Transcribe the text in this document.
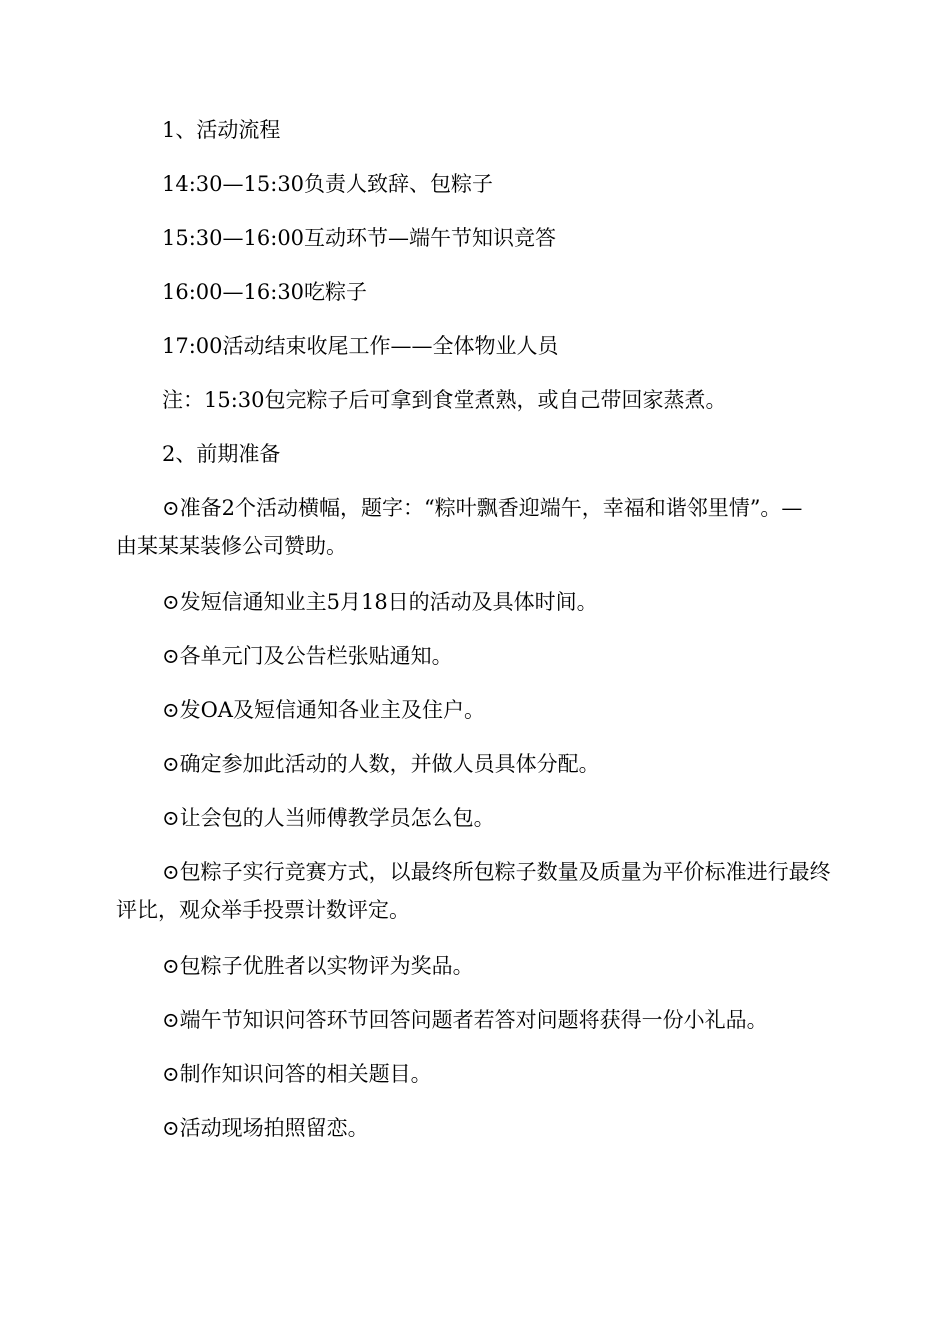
1、活动流程

14:30—15:30负责人致辞、包粽子

15:30—16:00互动环节—端午节知识竞答

16:00—16:30吃粽子

17:00活动结束收尾工作——全体物业人员

注：15:30包完粽子后可拿到食堂煮熟，或自己带回家蒸煮。

2、前期准备

⊙准备2个活动横幅，题字：“粽叶飘香迎端午，幸福和谐邻里情”。—由某某某装修公司赞助。

⊙发短信通知业主5月18日的活动及具体时间。

⊙各单元门及公告栏张贴通知。

⊙发OA及短信通知各业主及住户。

⊙确定参加此活动的人数，并做人员具体分配。

⊙让会包的人当师傅教学员怎么包。

⊙包粽子实行竞赛方式，以最终所包粽子数量及质量为平价标准进行最终评比，观众举手投票计数评定。

⊙包粽子优胜者以实物评为奖品。

⊙端午节知识问答环节回答问题者若答对问题将获得一份小礼品。

⊙制作知识问答的相关题目。

⊙活动现场拍照留恋。
